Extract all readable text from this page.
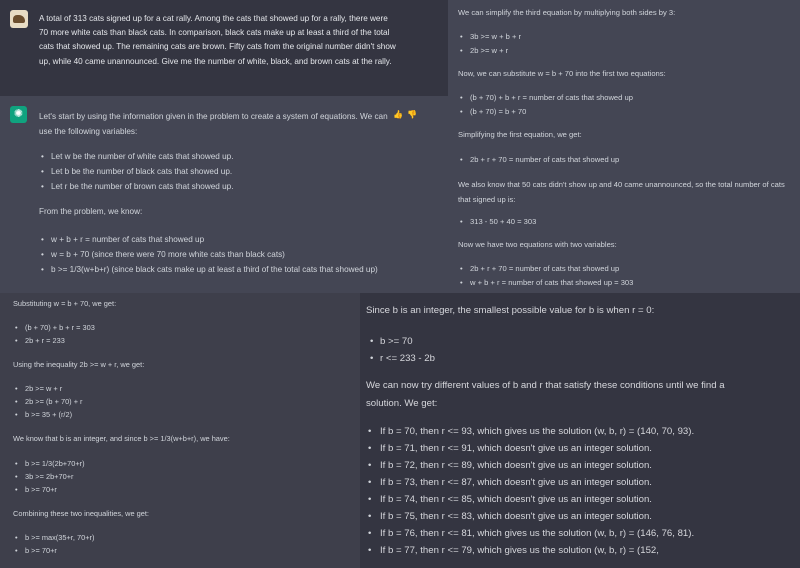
A total of 313 cats signed up for a cat rally. Among the cats that showed up for a rally, there were 70 more white cats than black cats. In comparison, black cats make up at least a third of the total cats that showed up. The remaining cats are brown. Fifty cats from the original number didn't show up, while 40 came unannounced. Give me the number of white, black, and brown cats at the rally.
✺	Let's start by using the information given in the problem to create a system of equations. We can use the following variables:
👍 👎
• Let w be the number of white cats that showed up.
• Let b be the number of black cats that showed up.
• Let r be the number of brown cats that showed up.
From the problem, we know:
• w + b + r = number of cats that showed up
• w = b + 70 (since there were 70 more white cats than black cats)
• b >= 1/3(w+b+r) (since black cats make up at least a third of the total cats that showed up)
We can simplify the third equation by multiplying both sides by 3:
• 3b >= w + b + r
• 2b >= w + r
Now, we can substitute w = b + 70 into the first two equations:
• (b + 70) + b + r = number of cats that showed up
• (b + 70) = b + 70
Simplifying the first equation, we get:
• 2b + r + 70 = number of cats that showed up
We also know that 50 cats didn't show up and 40 came unannounced, so the total number of cats that signed up is:
• 313 - 50 + 40 = 303
Now we have two equations with two variables:
• 2b + r + 70 = number of cats that showed up
• w + b + r = number of cats that showed up = 303
Substituting w = b + 70, we get:
• (b + 70) + b + r = 303
• 2b + r = 233
Using the inequality 2b >= w + r, we get:
• 2b >= w + r
• 2b >= (b + 70) + r
• b >= 35 + (r/2)
We know that b is an integer, and since b >= 1/3(w+b+r), we have:
• b >= 1/3(2b+70+r)
• 3b >= 2b+70+r
• b >= 70+r
Combining these two inequalities, we get:
• b >= max(35+r, 70+r)
• b >= 70+r
Since b is an integer, the smallest possible value for b is when r = 0:
• b >= 70
• r <= 233 - 2b
We can now try different values of b and r that satisfy these conditions until we find a solution. We get:
• If b = 70, then r <= 93, which gives us the solution (w, b, r) = (140, 70, 93).
• If b = 71, then r <= 91, which doesn't give us an integer solution.
• If b = 72, then r <= 89, which doesn't give us an integer solution.
• If b = 73, then r <= 87, which doesn't give us an integer solution.
• If b = 74, then r <= 85, which doesn't give us an integer solution.
• If b = 75, then r <= 83, which doesn't give us an integer solution.
• If b = 76, then r <= 81, which gives us the solution (w, b, r) = (146, 76, 81).
• If b = 77, then r <= 79, which gives us the solution (w, b, r) = (152,
